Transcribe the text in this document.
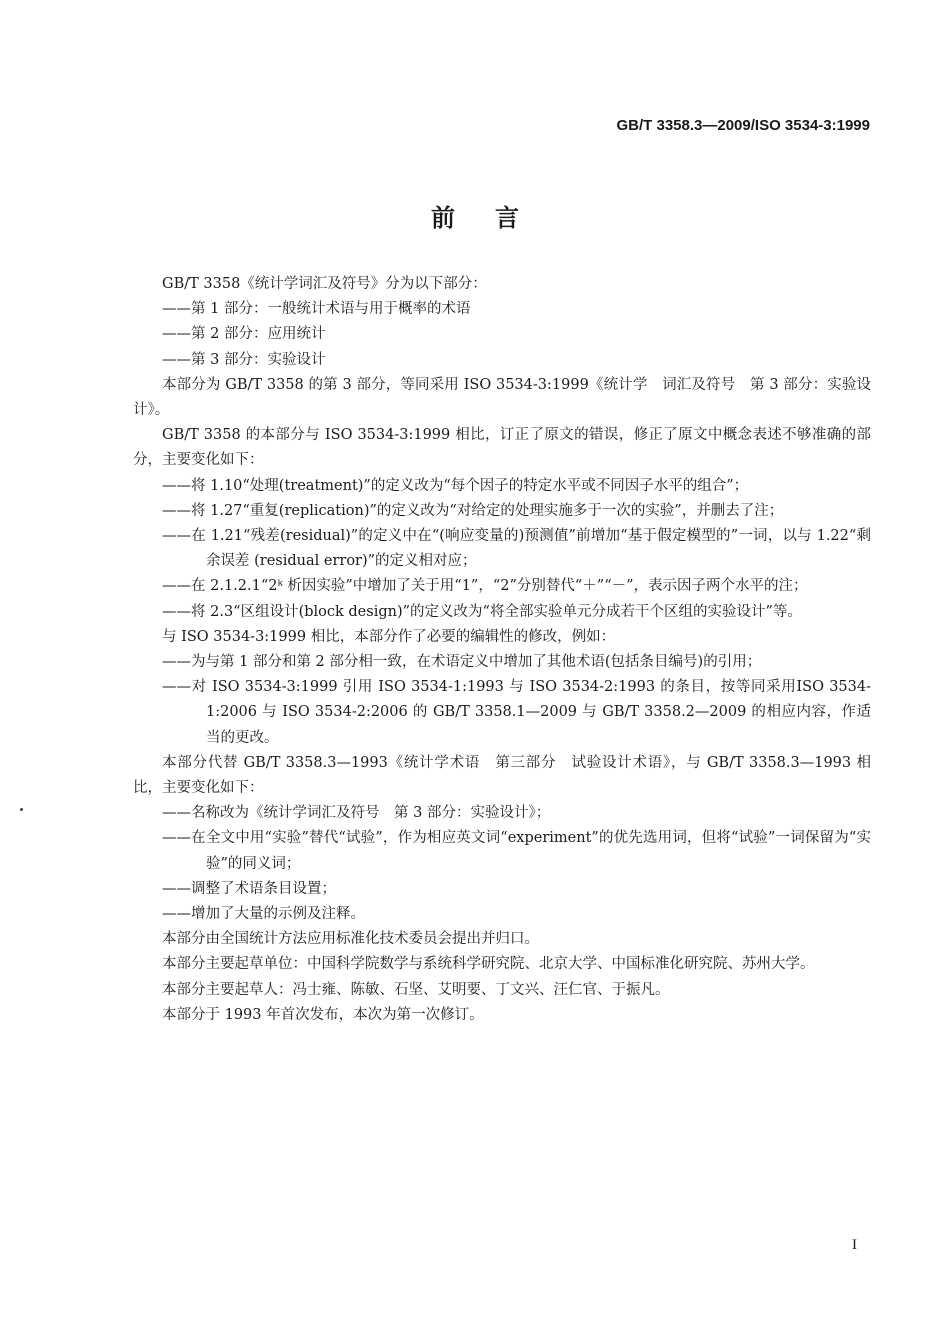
GB/T 3358.3—2009/ISO 3534-3:1999
前言

GB/T 3358《统计学词汇及符号》分为以下部分：

——第 1 部分：一般统计术语与用于概率的术语

——第 2 部分：应用统计

——第 3 部分：实验设计

本部分为 GB/T 3358 的第 3 部分，等同采用 ISO 3534-3:1999《统计学　词汇及符号　第 3 部分：实验设计》。

GB/T 3358 的本部分与 ISO 3534-3:1999 相比，订正了原文的错误，修正了原文中概念表述不够准确的部分，主要变化如下：

——将 1.10“处理(treatment)”的定义改为“每个因子的特定水平或不同因子水平的组合”；

——将 1.27“重复(replication)”的定义改为“对给定的处理实施多于一次的实验”，并删去了注；

——在 1.21“残差(residual)”的定义中在“(响应变量的)预测值”前增加“基于假定模型的”一词，以与 1.22“剩余误差 (residual error)”的定义相对应；

——在 2.1.2.1“2ᵏ 析因实验”中增加了关于用“1”，“2”分别替代“＋”“－”，表示因子两个水平的注；

——将 2.3“区组设计(block design)”的定义改为“将全部实验单元分成若干个区组的实验设计”等。

与 ISO 3534-3:1999 相比，本部分作了必要的编辑性的修改，例如：

——为与第 1 部分和第 2 部分相一致，在术语定义中增加了其他术语(包括条目编号)的引用；

——对 ISO 3534-3:1999 引用 ISO 3534-1:1993 与 ISO 3534-2:1993 的条目，按等同采用ISO 3534-1:2006 与 ISO 3534-2:2006 的 GB/T 3358.1—2009 与 GB/T 3358.2—2009 的相应内容，作适当的更改。

本部分代替 GB/T 3358.3—1993《统计学术语　第三部分　试验设计术语》，与 GB/T 3358.3—1993 相比，主要变化如下：

——名称改为《统计学词汇及符号　第 3 部分：实验设计》；

——在全文中用“实验”替代“试验”，作为相应英文词“experiment”的优先选用词，但将“试验”一词保留为“实验”的同义词；

——调整了术语条目设置；

——增加了大量的示例及注释。

本部分由全国统计方法应用标准化技术委员会提出并归口。

本部分主要起草单位：中国科学院数学与系统科学研究院、北京大学、中国标准化研究院、苏州大学。

本部分主要起草人：冯士雍、陈敏、石坚、艾明要、丁文兴、汪仁官、于振凡。

本部分于 1993 年首次发布，本次为第一次修订。

I
